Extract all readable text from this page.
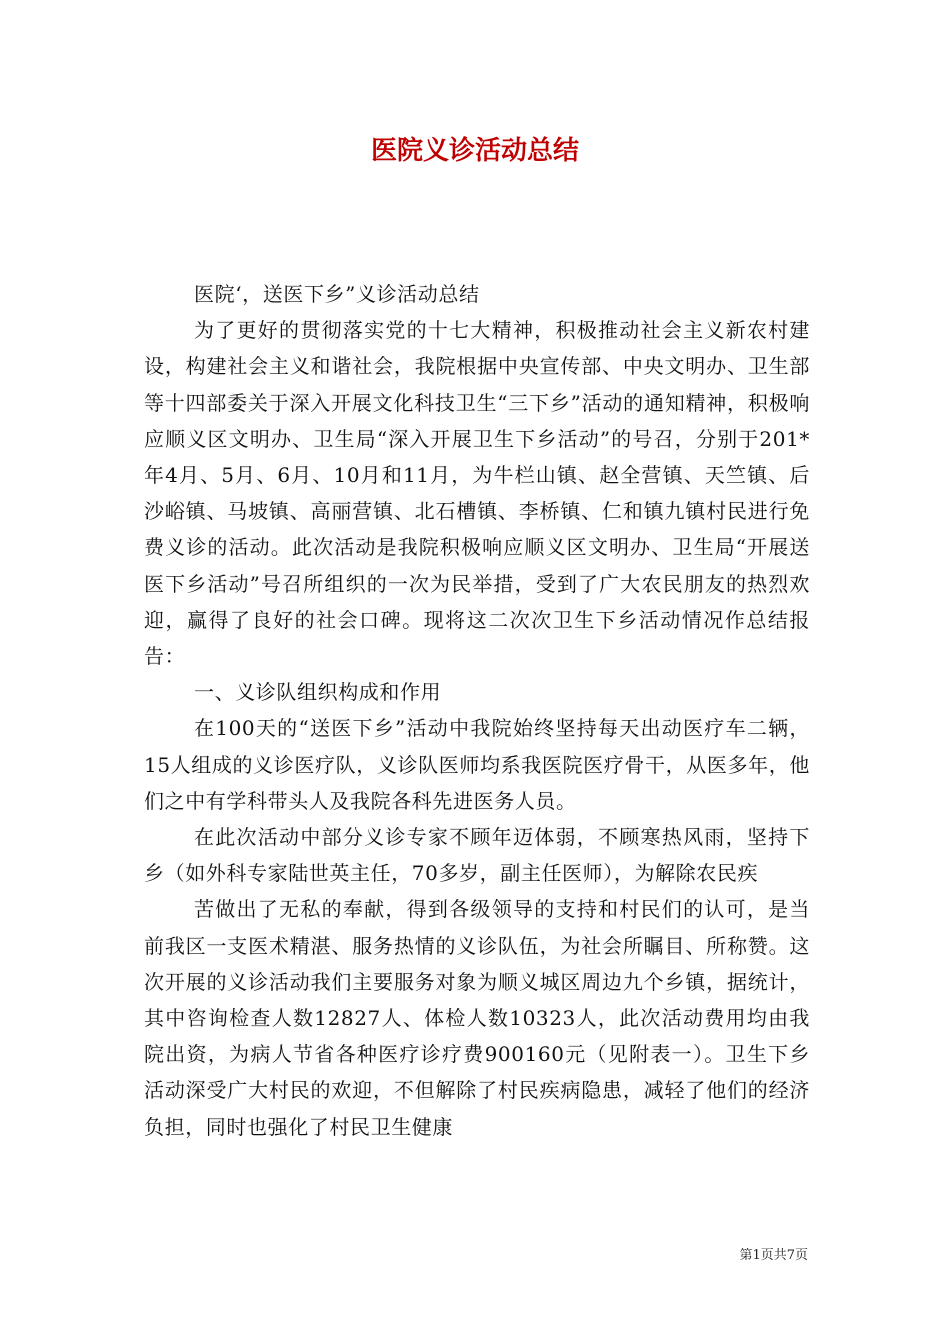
医院义诊活动总结

医院‘，送医下乡”义诊活动总结

为了更好的贯彻落实党的十七大精神，积极推动社会主义新农村建设，构建社会主义和谐社会，我院根据中央宣传部、中央文明办、卫生部等十四部委关于深入开展文化科技卫生“三下乡”活动的通知精神，积极响应顺义区文明办、卫生局“深入开展卫生下乡活动”的号召，分别于201*年4月、5月、6月、10月和11月，为牛栏山镇、赵全营镇、天竺镇、后沙峪镇、马坡镇、高丽营镇、北石槽镇、李桥镇、仁和镇九镇村民进行免费义诊的活动。此次活动是我院积极响应顺义区文明办、卫生局“开展送医下乡活动”号召所组织的一次为民举措，受到了广大农民朋友的热烈欢迎，赢得了良好的社会口碑。现将这二次次卫生下乡活动情况作总结报告：

一、义诊队组织构成和作用

在100天的“送医下乡”活动中我院始终坚持每天出动医疗车二辆，15人组成的义诊医疗队，义诊队医师均系我医院医疗骨干，从医多年，他们之中有学科带头人及我院各科先进医务人员。

在此次活动中部分义诊专家不顾年迈体弱，不顾寒热风雨，坚持下乡（如外科专家陆世英主任，70多岁，副主任医师），为解除农民疾

苦做出了无私的奉献，得到各级领导的支持和村民们的认可，是当前我区一支医术精湛、服务热情的义诊队伍，为社会所瞩目、所称赞。这次开展的义诊活动我们主要服务对象为顺义城区周边九个乡镇，据统计，其中咨询检查人数12827人、体检人数10323人，此次活动费用均由我院出资，为病人节省各种医疗诊疗费900160元（见附表一）。卫生下乡活动深受广大村民的欢迎，不但解除了村民疾病隐患，减轻了他们的经济负担，同时也强化了村民卫生健康

第1页共7页
